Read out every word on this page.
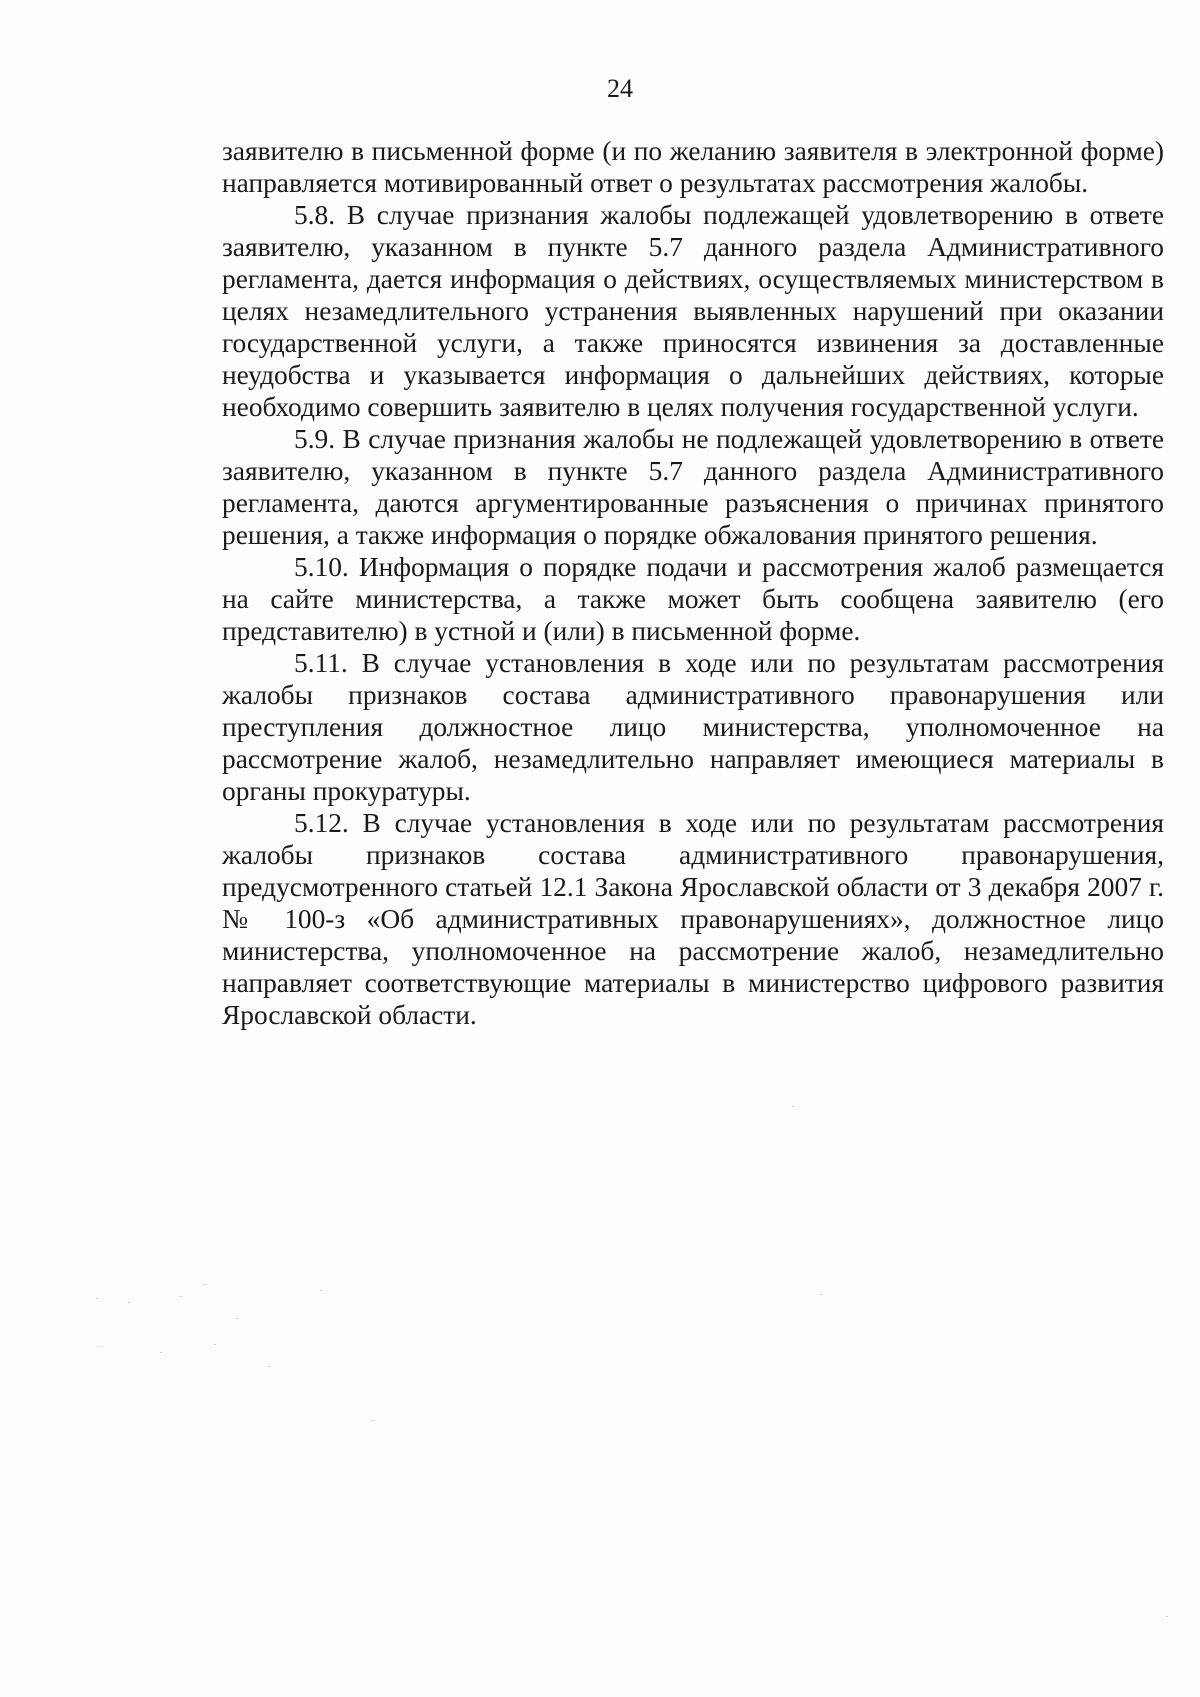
24

заявителю в письменной форме (и по желанию заявителя в электронной форме) направляется мотивированный ответ о результатах рассмотрения жалобы.

5.8. В случае признания жалобы подлежащей удовлетворению в ответе заявителю, указанном в пункте 5.7 данного раздела Административного регламента, дается информация о действиях, осуществляемых министерством в целях незамедлительного устранения выявленных нарушений при оказании государственной услуги, а также приносятся извинения за доставленные неудобства и указывается информация о дальнейших действиях, которые необходимо совершить заявителю в целях получения государственной услуги.

5.9. В случае признания жалобы не подлежащей удовлетворению в ответе заявителю, указанном в пункте 5.7 данного раздела Административного регламента, даются аргументированные разъяснения о причинах принятого решения, а также информация о порядке обжалования принятого решения.

5.10. Информация о порядке подачи и рассмотрения жалоб размещается на сайте министерства, а также может быть сообщена заявителю (его представителю) в устной и (или) в письменной форме.

5.11. В случае установления в ходе или по результатам рассмотрения жалобы признаков состава административного правонарушения или преступления должностное лицо министерства, уполномоченное на рассмотрение жалоб, незамедлительно направляет имеющиеся материалы в органы прокуратуры.

5.12. В случае установления в ходе или по результатам рассмотрения жалобы признаков состава административного правонарушения, предусмотренного статьей 12.1 Закона Ярославской области от 3 декабря 2007 г. № 100-з «Об административных правонарушениях», должностное лицо министерства, уполномоченное на рассмотрение жалоб, незамедлительно направляет соответствующие материалы в министерство цифрового развития Ярославской области.
